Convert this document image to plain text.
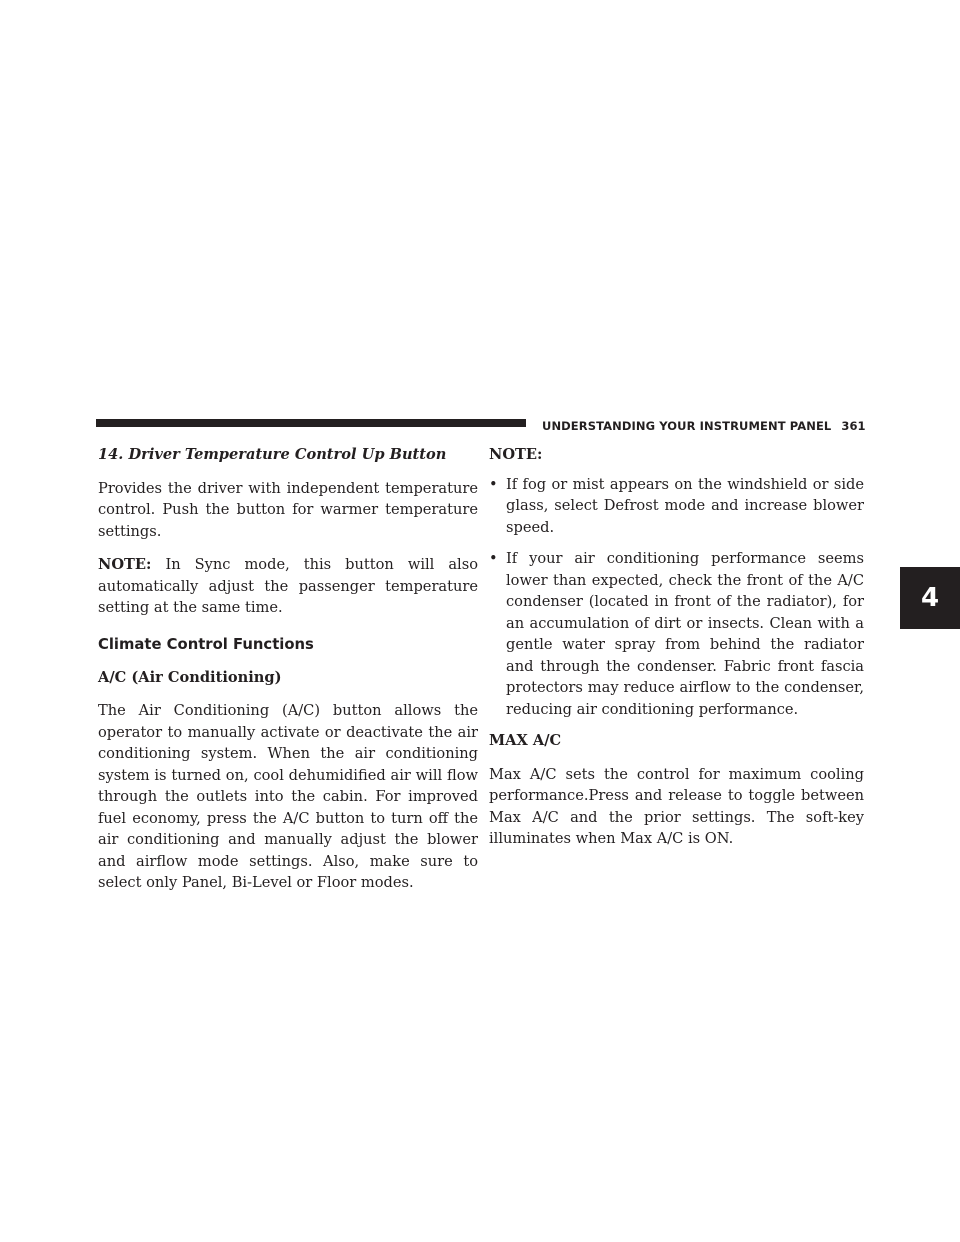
UNDERSTANDING YOUR INSTRUMENT PANEL 361
4

14. Driver Temperature Control Up Button

Provides the driver with independent temperature control. Push the button for warmer temperature settings.

NOTE: In Sync mode, this button will also automatically adjust the passenger temperature setting at the same time.

Climate Control Functions

A/C (Air Conditioning)

The Air Conditioning (A/C) button allows the operator to manually activate or deactivate the air conditioning system. When the air conditioning system is turned on, cool dehumidified air will flow through the outlets into the cabin. For improved fuel economy, press the A/C button to turn off the air conditioning and manually adjust the blower and airflow mode settings. Also, make sure to select only Panel, Bi-Level or Floor modes.

NOTE:

• If fog or mist appears on the windshield or side glass, select Defrost mode and increase blower speed.

• If your air conditioning performance seems lower than expected, check the front of the A/C condenser (located in front of the radiator), for an accumulation of dirt or insects. Clean with a gentle water spray from behind the radiator and through the condenser. Fabric front fascia protectors may reduce airflow to the condenser, reducing air conditioning performance.

MAX A/C

Max A/C sets the control for maximum cooling performance.Press and release to toggle between Max A/C and the prior settings. The soft-key illuminates when Max A/C is ON.
